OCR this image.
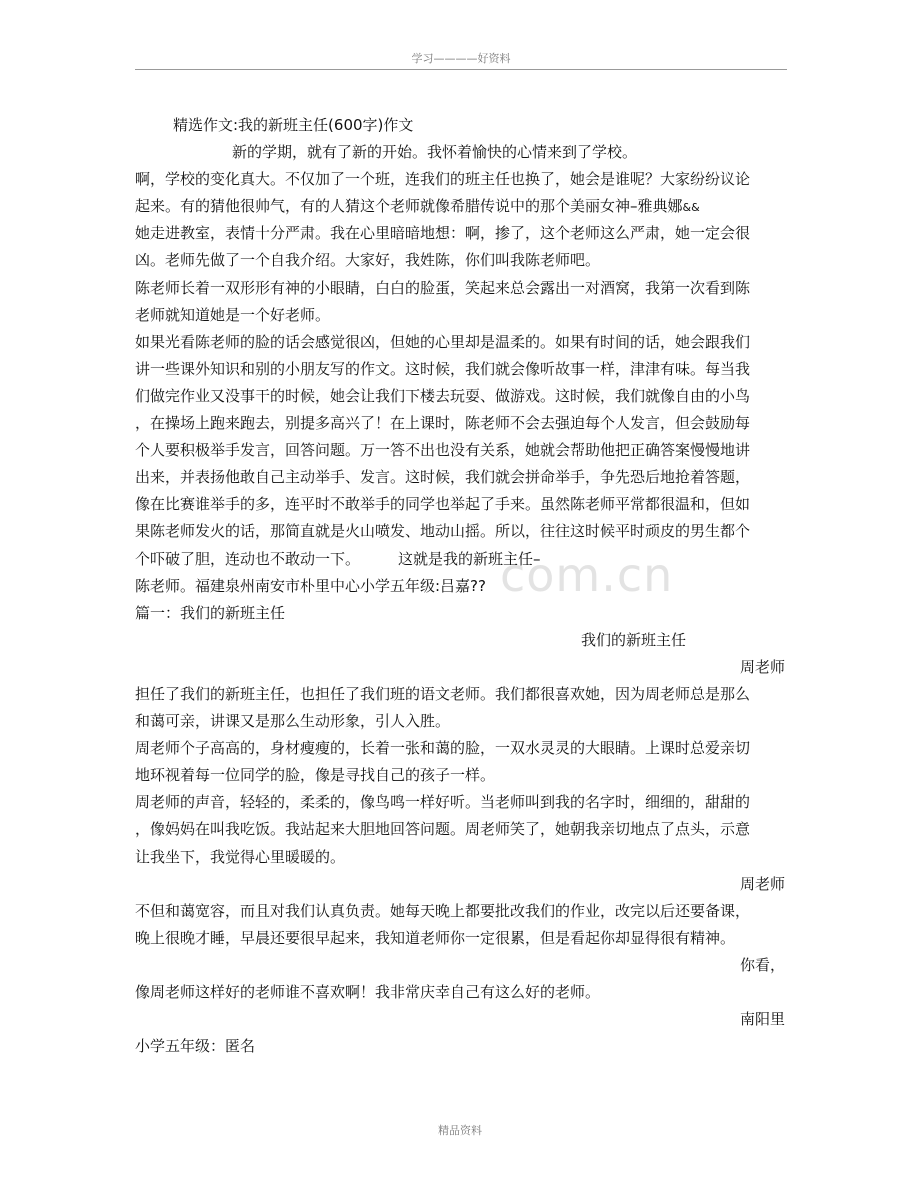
com.cn
学习————好资料
精选作文:我的新班主任(600字)作文
新的学期，就有了新的开始。我怀着愉快的心情来到了学校。
啊，学校的变化真大。不仅加了一个班，连我们的班主任也换了，她会是谁呢？大家纷纷议论
起来。有的猜他很帅气，有的人猜这个老师就像希腊传说中的那个美丽女神–雅典娜&&
她走进教室，表情十分严肃。我在心里暗暗地想：啊，掺了，这个老师这么严肃，她一定会很
凶。老师先做了一个自我介绍。大家好，我姓陈，你们叫我陈老师吧。
陈老师长着一双形形有神的小眼睛，白白的脸蛋，笑起来总会露出一对酒窝，我第一次看到陈
老师就知道她是一个好老师。
如果光看陈老师的脸的话会感觉很凶，但她的心里却是温柔的。如果有时间的话，她会跟我们
讲一些课外知识和别的小朋友写的作文。这时候，我们就会像听故事一样，津津有味。每当我
们做完作业又没事干的时候，她会让我们下楼去玩耍、做游戏。这时候，我们就像自由的小鸟
，在操场上跑来跑去，别提多高兴了！在上课时，陈老师不会去强迫每个人发言，但会鼓励每
个人要积极举手发言，回答问题。万一答不出也没有关系，她就会帮助他把正确答案慢慢地讲
出来，并表扬他敢自己主动举手、发言。这时候，我们就会拼命举手，争先恐后地抢着答题，
像在比赛谁举手的多，连平时不敢举手的同学也举起了手来。虽然陈老师平常都很温和，但如
果陈老师发火的话，那简直就是火山喷发、地动山摇。所以，往往这时候平时顽皮的男生都个
个吓破了胆，连动也不敢动一下。	这就是我的新班主任–
陈老师。福建泉州南安市朴里中心小学五年级:吕嘉??
篇一：我们的新班主任
我们的新班主任
周老师
担任了我们的新班主任，也担任了我们班的语文老师。我们都很喜欢她，因为周老师总是那么
和蔼可亲，讲课又是那么生动形象，引人入胜。
周老师个子高高的，身材瘦瘦的，长着一张和蔼的脸，一双水灵灵的大眼睛。上课时总爱亲切
地环视着每一位同学的脸，像是寻找自己的孩子一样。
周老师的声音，轻轻的，柔柔的，像鸟鸣一样好听。当老师叫到我的名字时，细细的，甜甜的
，像妈妈在叫我吃饭。我站起来大胆地回答问题。周老师笑了，她朝我亲切地点了点头，示意
让我坐下，我觉得心里暖暖的。
周老师
不但和蔼宽容，而且对我们认真负责。她每天晚上都要批改我们的作业，改完以后还要备课，
晚上很晚才睡，早晨还要很早起来，我知道老师你一定很累，但是看起你却显得很有精神。
你看，
像周老师这样好的老师谁不喜欢啊！我非常庆幸自己有这么好的老师。
南阳里
小学五年级：匿名
精品资料
